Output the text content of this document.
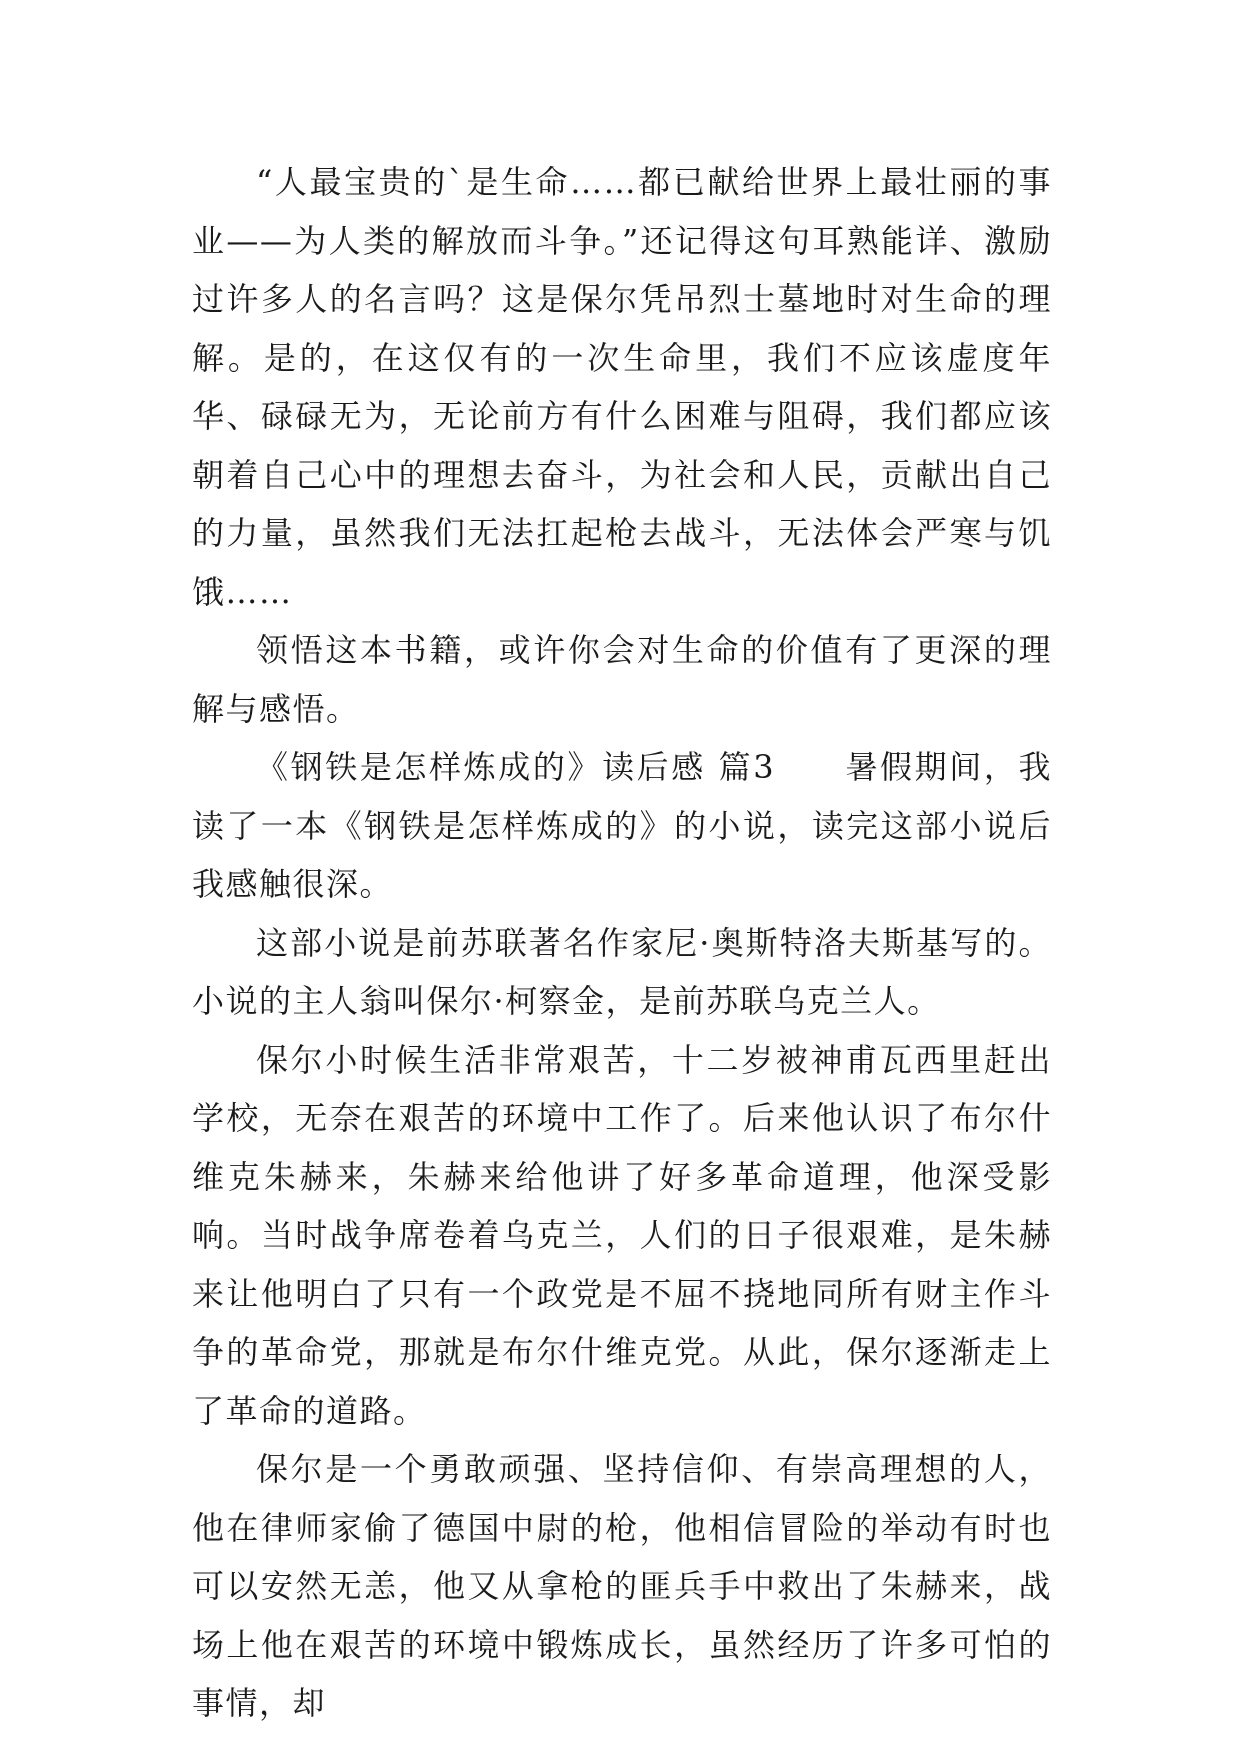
“人最宝贵的`是生命……都已献给世界上最壮丽的事业——为人类的解放而斗争。”还记得这句耳熟能详、激励过许多人的名言吗？这是保尔凭吊烈士墓地时对生命的理解。是的，在这仅有的一次生命里，我们不应该虚度年华、碌碌无为，无论前方有什么困难与阻碍，我们都应该朝着自己心中的理想去奋斗，为社会和人民，贡献出自己的力量，虽然我们无法扛起枪去战斗，无法体会严寒与饥饿……

领悟这本书籍，或许你会对生命的价值有了更深的理解与感悟。

《钢铁是怎样炼成的》读后感 篇3　　暑假期间，我读了一本《钢铁是怎样炼成的》的小说，读完这部小说后我感触很深。

这部小说是前苏联著名作家尼·奥斯特洛夫斯基写的。小说的主人翁叫保尔·柯察金，是前苏联乌克兰人。

保尔小时候生活非常艰苦，十二岁被神甫瓦西里赶出学校，无奈在艰苦的环境中工作了。后来他认识了布尔什维克朱赫来，朱赫来给他讲了好多革命道理，他深受影响。当时战争席卷着乌克兰，人们的日子很艰难，是朱赫来让他明白了只有一个政党是不屈不挠地同所有财主作斗争的革命党，那就是布尔什维克党。从此，保尔逐渐走上了革命的道路。

保尔是一个勇敢顽强、坚持信仰、有崇高理想的人，他在律师家偷了德国中尉的枪，他相信冒险的举动有时也可以安然无恙，他又从拿枪的匪兵手中救出了朱赫来，战场上他在艰苦的环境中锻炼成长，虽然经历了许多可怕的事情，却
